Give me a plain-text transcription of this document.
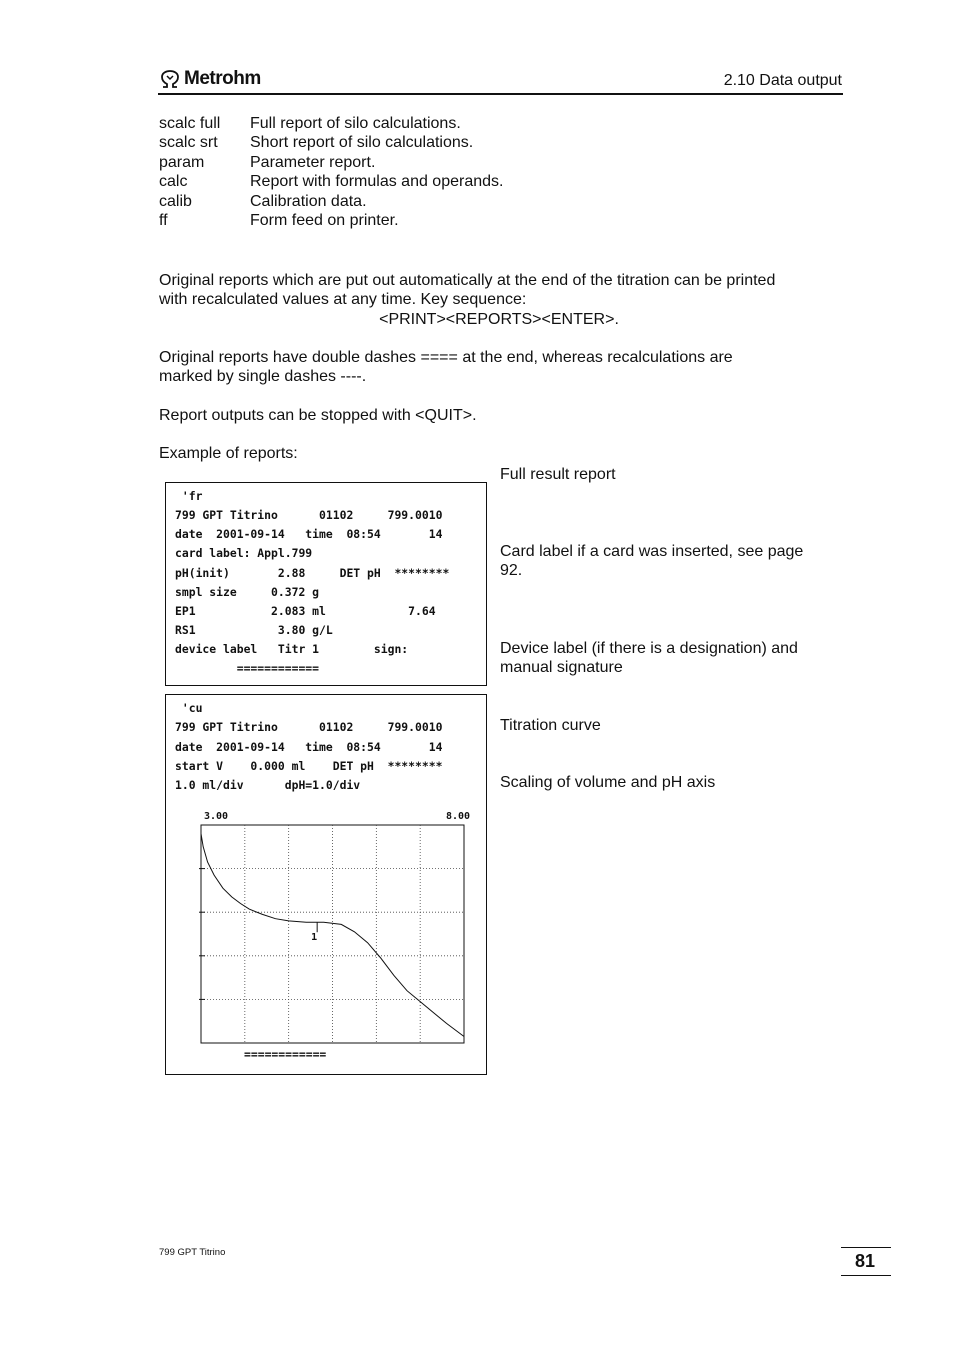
Metrohm	2.10 Data output
scalc full	Full report of silo calculations.
scalc srt	Short report of silo calculations.
param	Parameter report.
calc	Report with formulas and operands.
calib	Calibration data.
ff	Form feed on printer.
Original reports which are put out automatically at the end of the titration can be printed
with recalculated values at any time. Key sequence:
<PRINT><REPORTS><ENTER>.
Original reports have double dashes ==== at the end, whereas recalculations are
marked by single dashes ----.
Report outputs can be stopped with <QUIT>.
Example of reports:
Full result report
Card label if a card was inserted, see page
92.
Device label (if there is a designation) and
manual signature
Titration curve
Scaling of volume and pH axis
'fr
799 GPT Titrino      01102     799.0010
date  2001-09-14   time  08:54       14
card label: Appl.799
pH(init)       2.88     DET pH  ********
smpl size     0.372 g
EP1           2.083 ml            7.64
RS1            3.80 g/L
device label   Titr 1        sign:
============
'cu
799 GPT Titrino      01102     799.0010
date  2001-09-14   time  08:54       14
start V    0.000 ml    DET pH  ********
1.0 ml/div      dpH=1.0/div
3.00	8.00
1
============
799 GPT Titrino	81
